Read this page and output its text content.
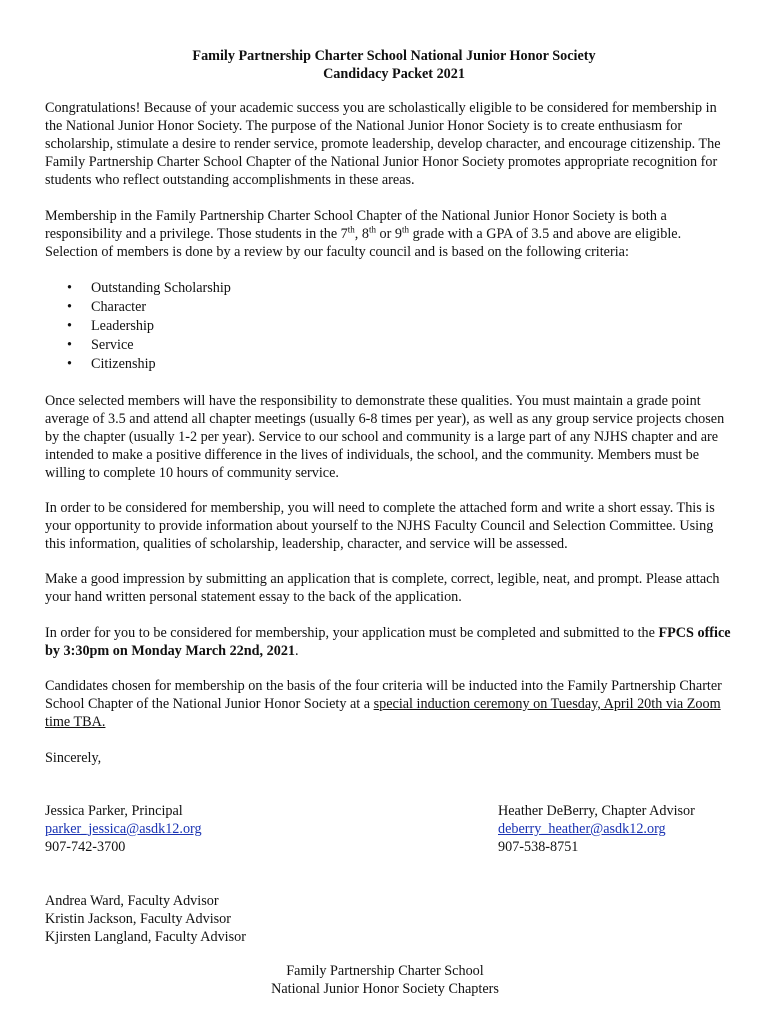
Family Partnership Charter School National Junior Honor Society
Candidacy Packet 2021

Congratulations! Because of your academic success you are scholastically eligible to be considered for membership in the National Junior Honor Society. The purpose of the National Junior Honor Society is to create enthusiasm for scholarship, stimulate a desire to render service, promote leadership, develop character, and encourage citizenship. The Family Partnership Charter School Chapter of the National Junior Honor Society promotes appropriate recognition for students who reflect outstanding accomplishments in these areas.

Membership in the Family Partnership Charter School Chapter of the National Junior Honor Society is both a responsibility and a privilege. Those students in the 7th, 8th or 9th grade with a GPA of 3.5 and above are eligible. Selection of members is done by a review by our faculty council and is based on the following criteria:

• Outstanding Scholarship
• Character
• Leadership
• Service
• Citizenship

Once selected members will have the responsibility to demonstrate these qualities. You must maintain a grade point average of 3.5 and attend all chapter meetings (usually 6-8 times per year), as well as any group service projects chosen by the chapter (usually 1-2 per year). Service to our school and community is a large part of any NJHS chapter and are intended to make a positive difference in the lives of individuals, the school, and the community. Members must be willing to complete 10 hours of community service.

In order to be considered for membership, you will need to complete the attached form and write a short essay. This is your opportunity to provide information about yourself to the NJHS Faculty Council and Selection Committee. Using this information, qualities of scholarship, leadership, character, and service will be assessed.

Make a good impression by submitting an application that is complete, correct, legible, neat, and prompt. Please attach your hand written personal statement essay to the back of the application.

In order for you to be considered for membership, your application must be completed and submitted to the FPCS office by 3:30pm on Monday March 22nd, 2021.

Candidates chosen for membership on the basis of the four criteria will be inducted into the Family Partnership Charter School Chapter of the National Junior Honor Society at a special induction ceremony on Tuesday, April 20th via Zoom time TBA.

Sincerely,

Jessica Parker, Principal
parker_jessica@asdk12.org
907-742-3700
Heather DeBerry, Chapter Advisor
deberry_heather@asdk12.org
907-538-8751
Andrea Ward, Faculty Advisor
Kristin Jackson, Faculty Advisor
Kjirsten Langland, Faculty Advisor
Family Partnership Charter School
National Junior Honor Society Chapters
